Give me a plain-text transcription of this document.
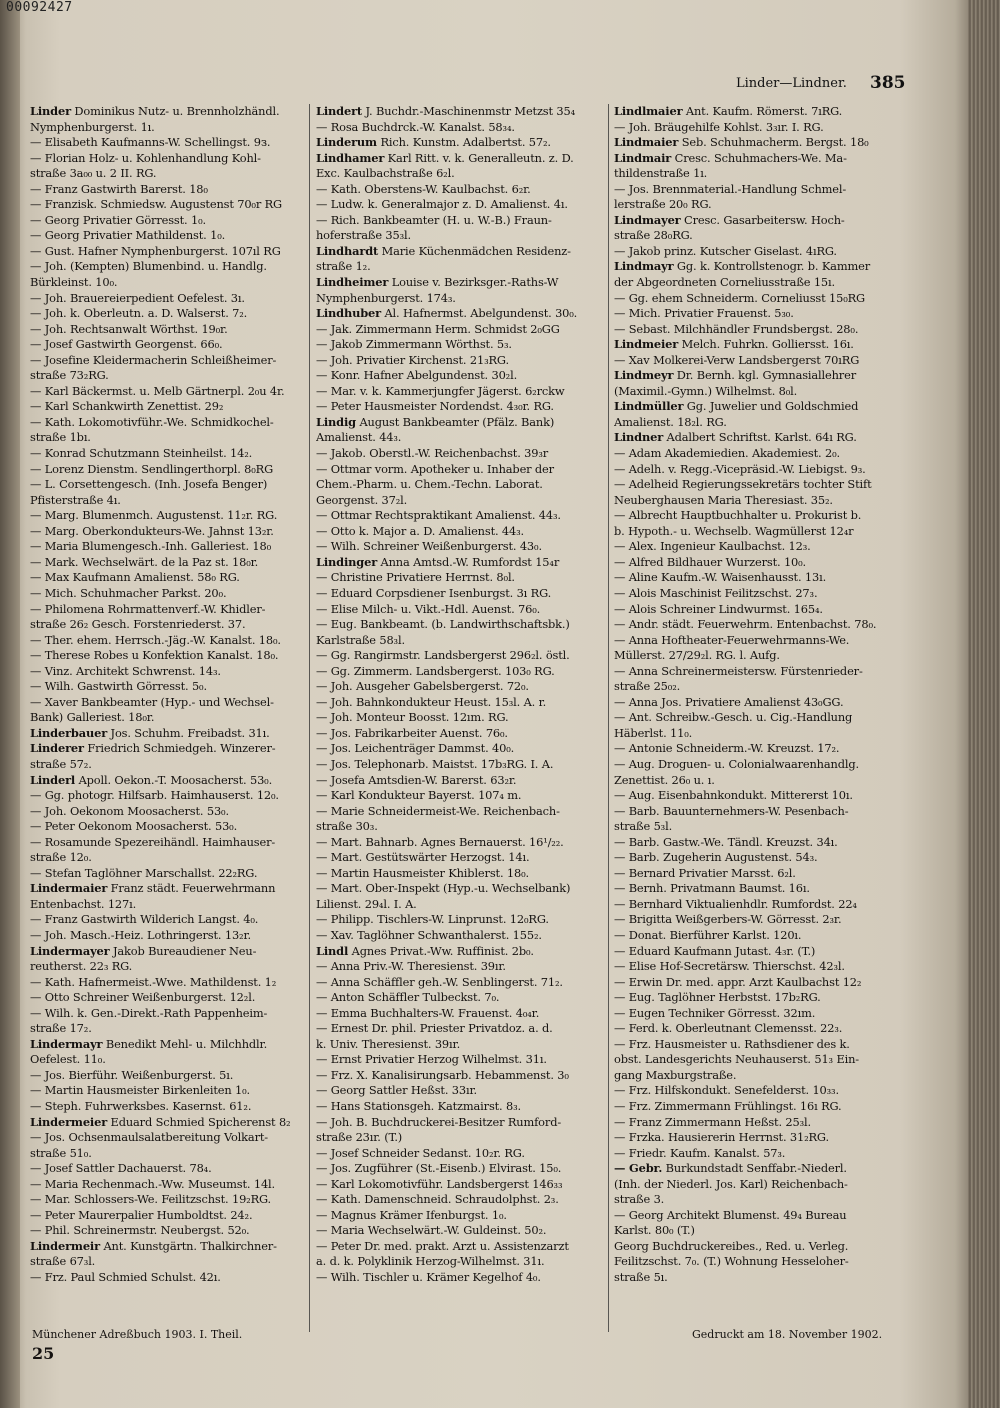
00092427
Linder—Lindner. 385
Linder Dominikus Nutz- u. Brennholzhändl.
Nymphenburgerst. 1ı.
— Elisabeth Kaufmanns-W. Schellingst. 9з.
— Florian Holz- u. Kohlenhandlung Kohl-
straße 3a₀₀ u. 2 II. RG.
— Franz Gastwirth Barerst. 18₀
— Franzisk. Schmiedsw. Augustenst 70₀r RG
— Georg Privatier Görresst. 1₀.
— Georg Privatier Mathildenst. 1₀.
— Gust. Hafner Nymphenburgerst. 107ıl RG
— Joh. (Kempten) Blumenbind. u. Handlg.
Bürkleinst. 10₀.
— Joh. Brauereierpedient Oefelest. 3ı.
— Joh. k. Oberleutn. a. D. Walserst. 7₂.
— Joh. Rechtsanwalt Wörthst. 19₀r.
— Josef Gastwirth Georgenst. 66₀.
— Josefine Kleidermacherin Schleißheimer-
straße 73₂RG.
— Karl Bäckermst. u. Melb Gärtnerpl. 2₀u 4r.
— Karl Schankwirth Zenettist. 29₂
— Kath. Lokomotivführ.-We. Schmidkochel-
straße 1bı.
— Konrad Schutzmann Steinheilst. 14₂.
— Lorenz Dienstm. Sendlingerthorpl. 8₀RG
— L. Corsettengesch. (Inh. Josefa Benger)
Pfisterstraße 4ı.
— Marg. Blumenmch. Augustenst. 11₂r. RG.
— Marg. Oberkondukteurs-We. Jahnst 13₂r.
— Maria Blumengesch.-Inh. Galleriest. 18₀
— Mark. Wechselwärt. de la Paz st. 18₀r.
— Max Kaufmann Amalienst. 58₀ RG.
— Mich. Schuhmacher Parkst. 20₀.
— Philomena Rohrmattenverf.-W. Khidler-
straße 26₂ Gesch. Forstenriederst. 37.
— Ther. ehem. Herrsch.-Jäg.-W. Kanalst. 18₀.
— Therese Robes u Konfektion Kanalst. 18₀.
— Vinz. Architekt Schwrenst. 14₃.
— Wilh. Gastwirth Görresst. 5₀.
— Xaver Bankbeamter (Hyp.- und Wechsel-
Bank) Galleriest. 18₀r.
Linderbauer Jos. Schuhm. Freibadst. 31ı.
Linderer Friedrich Schmiedgeh. Winzerer-
straße 57₂.
Linderl Apoll. Oekon.-T. Moosacherst. 53₀.
— Gg. photogr. Hilfsarb. Haimhauserst. 12₀.
— Joh. Oekonom Moosacherst. 53₀.
— Peter Oekonom Moosacherst. 53₀.
— Rosamunde Spezereihändl. Haimhauser-
straße 12₀.
— Stefan Taglöhner Marschallst. 22₂RG.
Lindermaier Franz städt. Feuerwehrmann
Entenbachst. 127ı.
— Franz Gastwirth Wilderich Langst. 4₀.
— Joh. Masch.-Heiz. Lothringerst. 13₂r.
Lindermayer Jakob Bureaudiener Neu-
reutherst. 22₃ RG.
— Kath. Hafnermeist.-Wwe. Mathildenst. 1₂
— Otto Schreiner Weißenburgerst. 12₂l.
— Wilh. k. Gen.-Direkt.-Rath Pappenheim-
straße 17₂.
Lindermayr Benedikt Mehl- u. Milchhdlr.
Oefelest. 11₀.
— Jos. Bierführ. Weißenburgerst. 5ı.
— Martin Hausmeister Birkenleiten 1₀.
— Steph. Fuhrwerksbes. Kasernst. 61₂.
Lindermeier Eduard Schmied Spicherenst 8₂
— Jos. Ochsenmaulsalatbereitung Volkart-
straße 51₀.
— Josef Sattler Dachauerst. 78₄.
— Maria Rechenmach.-Ww. Museumst. 14l.
— Mar. Schlossers-We. Feilitzschst. 19₂RG.
— Peter Maurerpalier Humboldtst. 24₂.
— Phil. Schreinermstr. Neubergst. 52₀.
Lindermeir Ant. Kunstgärtn. Thalkirchner-
straße 67₃l.
— Frz. Paul Schmied Schulst. 42ı.
Lindert J. Buchdr.-Maschinenmstr Metzst 35₄
— Rosa Buchdrck.-W. Kanalst. 58₃₄.
Linderum Rich. Kunstm. Adalbertst. 57₂.
Lindhamer Karl Ritt. v. k. Generalleutn. z. D.
Exc. Kaulbachstraße 6₂l.
— Kath. Oberstens-W. Kaulbachst. 6₂r.
— Ludw. k. Generalmajor z. D. Amalienst. 4ı.
— Rich. Bankbeamter (H. u. W.-B.) Fraun-
hoferstraße 35₃l.
Lindhardt Marie Küchenmädchen Residenz-
straße 1₂.
Lindheimer Louise v. Bezirksger.-Raths-W
Nymphenburgerst. 174₃.
Lindhuber Al. Hafnermst. Abelgundenst. 30₀.
— Jak. Zimmermann Herm. Schmidst 2₀GG
— Jakob Zimmermann Wörthst. 5₃.
— Joh. Privatier Kirchenst. 21₃RG.
— Konr. Hafner Abelgundenst. 30₂l.
— Mar. v. k. Kammerjungfer Jägerst. 6₂rckw
— Peter Hausmeister Nordendst. 4₃₀r. RG.
Lindig August Bankbeamter (Pfälz. Bank)
Amalienst. 44₃.
— Jakob. Oberstl.-W. Reichenbachst. 39₃r
— Ottmar vorm. Apotheker u. Inhaber der
Chem.-Pharm. u. Chem.-Techn. Laborat.
Georgenst. 37₂l.
— Ottmar Rechtspraktikant Amalienst. 44₃.
— Otto k. Major a. D. Amalienst. 44₃.
— Wilh. Schreiner Weißenburgerst. 43₀.
Lindinger Anna Amtsd.-W. Rumfordst 15₄r
— Christine Privatiere Herrnst. 8₀l.
— Eduard Corpsdiener Isenburgst. 3ı RG.
— Elise Milch- u. Vikt.-Hdl. Auenst. 76₀.
— Eug. Bankbeamt. (b. Landwirthschaftsbk.)
Karlstraße 58₃l.
— Gg. Rangirmstr. Landsbergerst 296₂l. östl.
— Gg. Zimmerm. Landsbergerst. 103₀ RG.
— Joh. Ausgeher Gabelsbergerst. 72₀.
— Joh. Bahnkondukteur Heust. 15₃l. A. r.
— Joh. Monteur Boosst. 12ım. RG.
— Jos. Fabrikarbeiter Auenst. 76₀.
— Jos. Leichenträger Dammst. 40₀.
— Jos. Telephonarb. Maistst. 17b₃RG. I. A.
— Josefa Amtsdien-W. Barerst. 63₂r.
— Karl Kondukteur Bayerst. 107₄ m.
— Marie Schneidermeist-We. Reichenbach-
straße 30₃.
— Mart. Bahnarb. Agnes Bernauerst. 16¹/₂₂.
— Mart. Gestütswärter Herzogst. 14ı.
— Martin Hausmeister Khiblerst. 18₀.
— Mart. Ober-Inspekt (Hyp.-u. Wechselbank)
Lilienst. 29₄l. I. A.
— Philipp. Tischlers-W. Linprunst. 12₀RG.
— Xav. Taglöhner Schwanthalerst. 155₂.
Lindl Agnes Privat.-Ww. Ruffinist. 2b₀.
— Anna Priv.-W. Theresienst. 39ır.
— Anna Schäffler geh.-W. Senblingerst. 71₂.
— Anton Schäffler Tulbeckst. 7₀.
— Emma Buchhalters-W. Frauenst. 4₀₄r.
— Ernest Dr. phil. Priester Privatdoz. a. d.
k. Univ. Theresienst. 39ır.
— Ernst Privatier Herzog Wilhelmst. 31ı.
— Frz. X. Kanalisirungsarb. Hebammenst. 3₀
— Georg Sattler Heßst. 33ır.
— Hans Stationsgeh. Katzmairst. 8₃.
— Joh. B. Buchdruckerei-Besitzer Rumford-
straße 23ır. (T.)
— Josef Schneider Sedanst. 10₂r. RG.
— Jos. Zugführer (St.-Eisenb.) Elvirast. 15₀.
— Karl Lokomotivführ. Landsbergerst 146₃₃
— Kath. Damenschneid. Schraudolphst. 2₃.
— Magnus Krämer Ifenburgst. 1₀.
— Maria Wechselwärt.-W. Guldeinst. 50₂.
— Peter Dr. med. prakt. Arzt u. Assistenzarzt
a. d. k. Polyklinik Herzog-Wilhelmst. 31ı.
— Wilh. Tischler u. Krämer Kegelhof 4₀.
Lindlmaier Ant. Kaufm. Römerst. 7ıRG.
— Joh. Bräugehilfe Kohlst. 3₃ır. I. RG.
Lindmaier Seb. Schuhmacherm. Bergst. 18₀
Lindmair Cresc. Schuhmachers-We. Ma-
thildenstraße 1ı.
— Jos. Brennmaterial.-Handlung Schmel-
lerstraße 20₀ RG.
Lindmayer Cresc. Gasarbeitersw. Hoch-
straße 28₀RG.
— Jakob prinz. Kutscher Giselast. 4ıRG.
Lindmayr Gg. k. Kontrollstenogr. b. Kammer
der Abgeordneten Corneliusstraße 15ı.
— Gg. ehem Schneiderm. Corneliusst 15₀RG
— Mich. Privatier Frauenst. 5₃₀.
— Sebast. Milchhändler Frundsbergst. 28₀.
Lindmeier Melch. Fuhrkn. Golliersst. 16ı.
— Xav Molkerei-Verw Landsbergerst 70ıRG
Lindmeyr Dr. Bernh. kgl. Gymnasiallehrer
(Maximil.-Gymn.) Wilhelmst. 8₀l.
Lindmüller Gg. Juwelier und Goldschmied
Amalienst. 18₂l. RG.
Lindner Adalbert Schriftst. Karlst. 64ı RG.
— Adam Akademiedien. Akademiest. 2₀.
— Adelh. v. Regg.-Vicepräsid.-W. Liebigst. 9₃.
— Adelheid Regierungssekretärs tochter Stift
Neuberghausen Maria Theresiast. 35₂.
— Albrecht Hauptbuchhalter u. Prokurist b.
b. Hypoth.- u. Wechselb. Wagmüllerst 12₄r
— Alex. Ingenieur Kaulbachst. 12₃.
— Alfred Bildhauer Wurzerst. 10₀.
— Aline Kaufm.-W. Waisenhausst. 13ı.
— Alois Maschinist Feilitzschst. 27₃.
— Alois Schreiner Lindwurmst. 165₄.
— Andr. städt. Feuerwehrm. Entenbachst. 78₀.
— Anna Hoftheater-Feuerwehrmanns-We.
Müllerst. 27/29₂l. RG. l. Aufg.
— Anna Schreinermeistersw. Fürstenrieder-
straße 25₀₂.
— Anna Jos. Privatiere Amalienst 43₀GG.
— Ant. Schreibw.-Gesch. u. Cig.-Handlung
Häberlst. 11₀.
— Antonie Schneiderm.-W. Kreuzst. 17₂.
— Aug. Droguen- u. Colonialwaarenhandlg.
Zenettist. 26₀ u. ı.
— Aug. Eisenbahnkondukt. Mittererst 10ı.
— Barb. Bauunternehmers-W. Pesenbach-
straße 5₃l.
— Barb. Gastw.-We. Tändl. Kreuzst. 34ı.
— Barb. Zugeherin Augustenst. 54₃.
— Bernard Privatier Marsst. 6₂l.
— Bernh. Privatmann Baumst. 16ı.
— Bernhard Viktualienhdlr. Rumfordst. 22₄
— Brigitta Weißgerbers-W. Görresst. 2₃r.
— Donat. Bierführer Karlst. 120ı.
— Eduard Kaufmann Jutast. 4₃r. (T.)
— Elise Hof-Secretärsw. Thierschst. 42₃l.
— Erwin Dr. med. appr. Arzt Kaulbachst 12₂
— Eug. Taglöhner Herbstst. 17b₂RG.
— Eugen Techniker Görresst. 32ım.
— Ferd. k. Oberleutnant Clemensst. 22₃.
— Frz. Hausmeister u. Rathsdiener des k.
obst. Landesgerichts Neuhauserst. 51₃ Ein-
gang Maxburgstraße.
— Frz. Hilfskondukt. Senefelderst. 10₃₃.
— Frz. Zimmermann Frühlingst. 16ı RG.
— Franz Zimmermann Heßst. 25₃l.
— Frzka. Hausiererin Herrnst. 31₂RG.
— Friedr. Kaufm. Kanalst. 57₃.
— Gebr. Burkundstadt Senffabr.-Niederl.
(Inh. der Niederl. Jos. Karl) Reichenbach-
straße 3.
— Georg Architekt Blumenst. 49₄ Bureau
Karlst. 80₀ (T.)
Georg Buchdruckereibes., Red. u. Verleg.
Feilitzschst. 7₀. (T.) Wohnung Hesseloher-
straße 5ı.
Münchener Adreßbuch 1903. I. Theil.
25
Gedruckt am 18. November 1902.
